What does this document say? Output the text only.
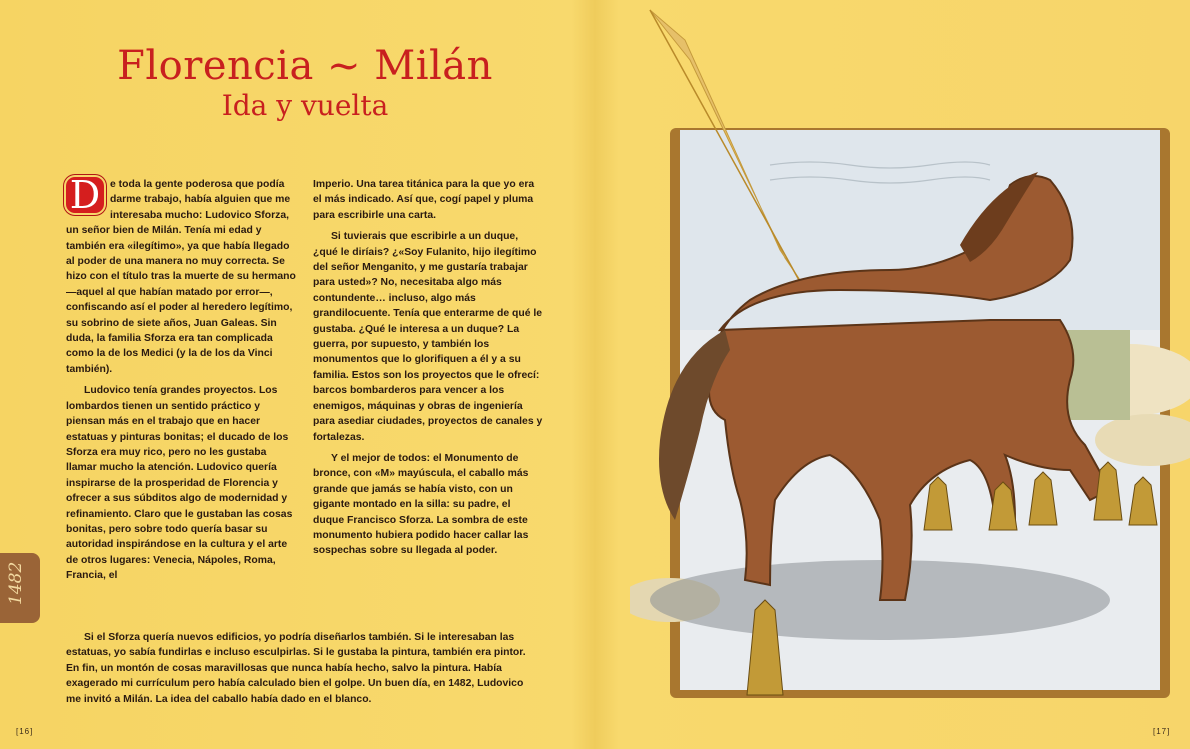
Florencia ~ Milán
Ida y vuelta

D e toda la gente poderosa que podía darme trabajo, había alguien que me interesaba mucho: Ludovico Sforza, un señor bien de Milán. Tenía mi edad y también era «ilegítimo», ya que había llegado al poder de una manera no muy correcta. Se hizo con el título tras la muerte de su hermano —aquel al que habían matado por error—, confiscando así el poder al heredero legítimo, su sobrino de siete años, Juan Galeas. Sin duda, la familia Sforza era tan complicada como la de los Medici (y la de los da Vinci también).

Ludovico tenía grandes proyectos. Los lombardos tienen un sentido práctico y piensan más en el trabajo que en hacer estatuas y pinturas bonitas; el ducado de los Sforza era muy rico, pero no les gustaba llamar mucho la atención. Ludovico quería inspirarse de la prosperidad de Florencia y ofrecer a sus súbditos algo de modernidad y refinamiento. Claro que le gustaban las cosas bonitas, pero sobre todo quería basar su autoridad inspirándose en la cultura y el arte de otros lugares: Venecia, Nápoles, Roma, Francia, el

Imperio. Una tarea titánica para la que yo era el más indicado. Así que, cogí papel y pluma para escribirle una carta.

Si tuvierais que escribirle a un duque, ¿qué le diríais? ¿«Soy Fulanito, hijo ilegítimo del señor Menganito, y me gustaría trabajar para usted»? No, necesitaba algo más contundente… incluso, algo más grandilocuente. Tenía que enterarme de qué le gustaba. ¿Qué le interesa a un duque? La guerra, por supuesto, y también los monumentos que lo glorifiquen a él y a su familia. Estos son los proyectos que le ofrecí: barcos bombarderos para vencer a los enemigos, máquinas y obras de ingeniería para asediar ciudades, proyectos de canales y fortalezas.

Y el mejor de todos: el Monumento de bronce, con «M» mayúscula, el caballo más grande que jamás se había visto, con un gigante montado en la silla: su padre, el duque Francisco Sforza. La sombra de este monumento hubiera podido hacer callar las sospechas sobre su llegada al poder.

Si el Sforza quería nuevos edificios, yo podría diseñarlos también. Si le interesaban las estatuas, yo sabía fundirlas e incluso esculpirlas. Si le gustaba la pintura, también era pintor. En fin, un montón de cosas maravillosas que nunca había hecho, salvo la pintura. Había exagerado mi currículum pero había calculado bien el golpe. Un buen día, en 1482, Ludovico me invitó a Milán. La idea del caballo había dado en el blanco.

1482
[16]	[17]
